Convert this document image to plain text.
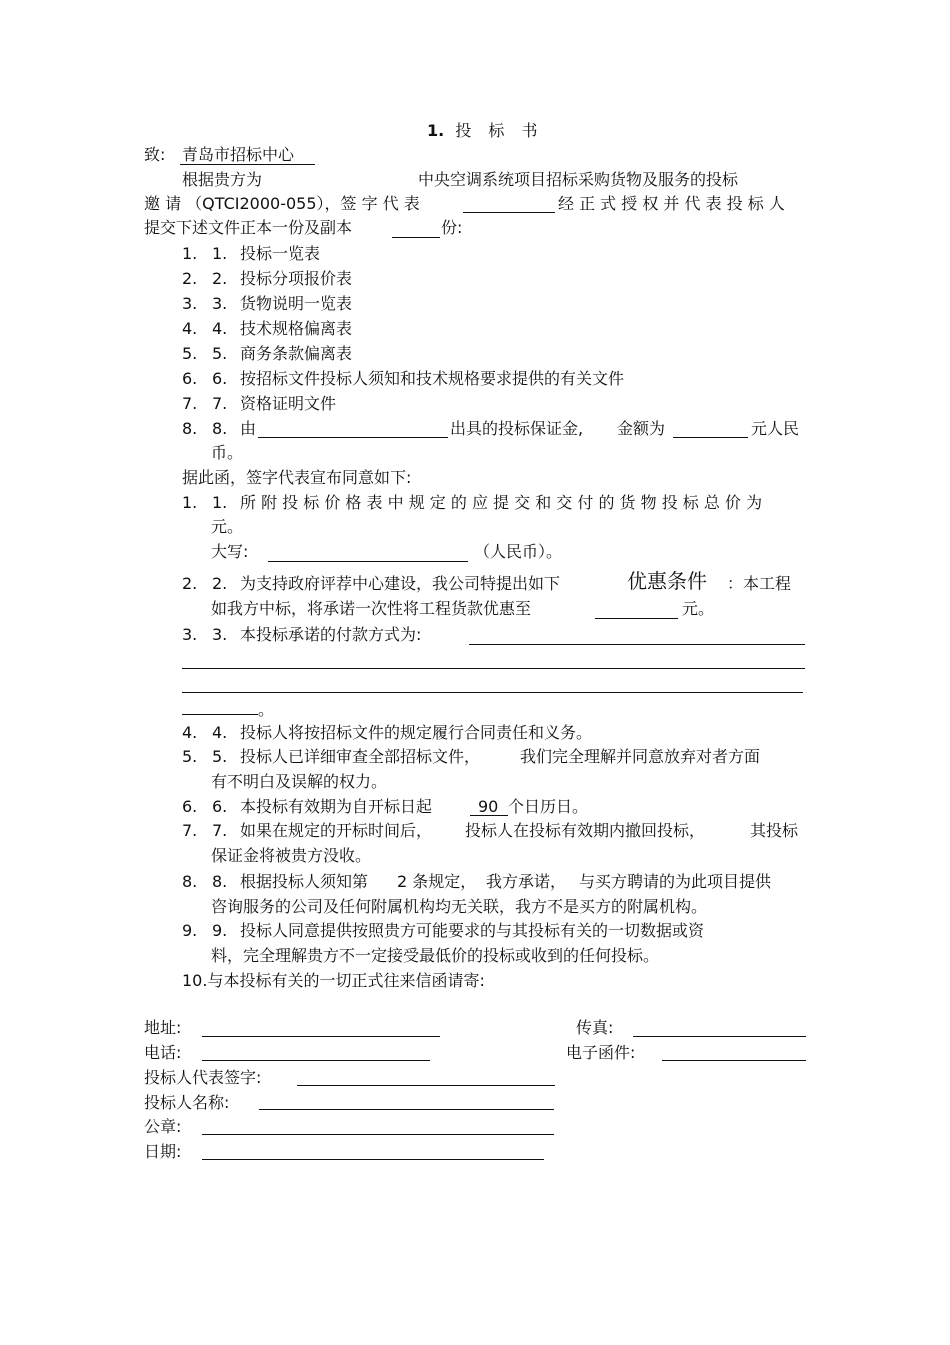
1. 投 标 书
致: 青岛市招标中心
根据贵方为	中央空调系统项目招标采购货物及服务的投标
邀 请 （QTCI2000-055），签 字 代 表	经 正 式 授 权 并 代 表 投 标 人
提交下述文件正本一份及副本	份:
1. 1. 投标一览表
2. 2. 投标分项报价表
3. 3. 货物说明一览表
4. 4. 技术规格偏离表
5. 5. 商务条款偏离表
6. 6. 按招标文件投标人须知和技术规格要求提供的有关文件
7. 7. 资格证明文件
8. 8. 由	出具的投标保证金, 金额为	元人民
币。
据此函，签字代表宣布同意如下:
1. 1. 所 附 投 标 价 格 表 中 规 定 的 应 提 交 和 交 付 的 货 物 投 标 总 价 为
元。
大写:	（人民币）。
2. 2. 为支持政府评荐中心建设，我公司特提出如下	优惠条件 ：本工程
如我方中标，将承诺一次性将工程货款优惠至	元。
3. 3. 本投标承诺的付款方式为:
。
4. 4. 投标人将按招标文件的规定履行合同责任和义务。
5. 5. 投标人已详细审查全部招标文件， 我们完全理解并同意放弃对者方面
有不明白及误解的权力。
6. 6. 本投标有效期为自开标日起	90 个日历日。
7. 7. 如果在规定的开标时间后， 投标人在投标有效期内撤回投标，	其投标
保证金将被贵方没收。
8. 8. 根据投标人须知第 2 条规定， 我方承诺， 与买方聘请的为此项目提供
咨询服务的公司及任何附属机构均无关联，我方不是买方的附属机构。
9. 9. 投标人同意提供按照贵方可能要求的与其投标有关的一切数据或资
料，完全理解贵方不一定接受最低价的投标或收到的任何投标。
10.与本投标有关的一切正式往来信函请寄:
地址:	传真:
电话:	电子函件:
投标人代表签字:
投标人名称:
公章:
日期:
